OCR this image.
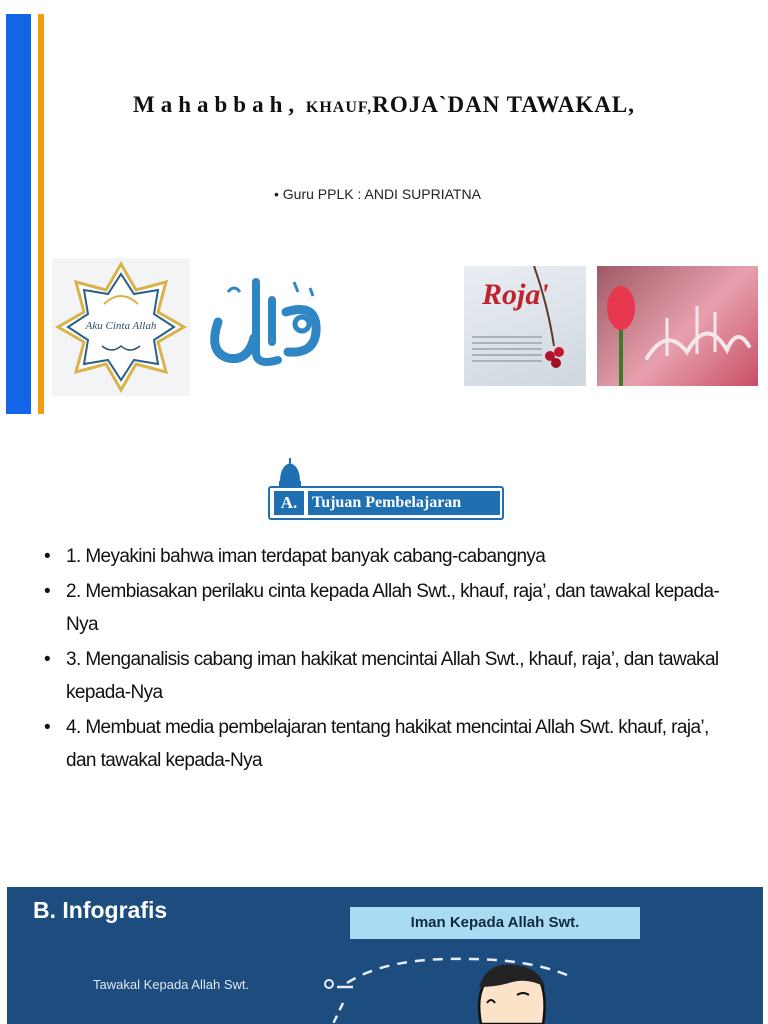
Mahabbah, KHAUF,ROJA`DAN TAWAKAL,
• Guru PPLK : ANDI SUPRIATNA
Aku Cinta Allah
Roja'
A. Tujuan Pembelajaran
• 1. Meyakini bahwa iman terdapat banyak cabang-cabangnya
• 2. Membiasakan perilaku cinta kepada Allah Swt., khauf, raja’, dan tawakal kepada-Nya
• 3. Menganalisis cabang iman hakikat mencintai Allah Swt., khauf, raja’, dan tawakal kepada-Nya
• 4. Membuat media pembelajaran tentang hakikat mencintai Allah Swt. khauf, raja’, dan tawakal kepada-Nya
B. Infografis	Iman Kepada Allah Swt.
Tawakal Kepada Allah Swt.
